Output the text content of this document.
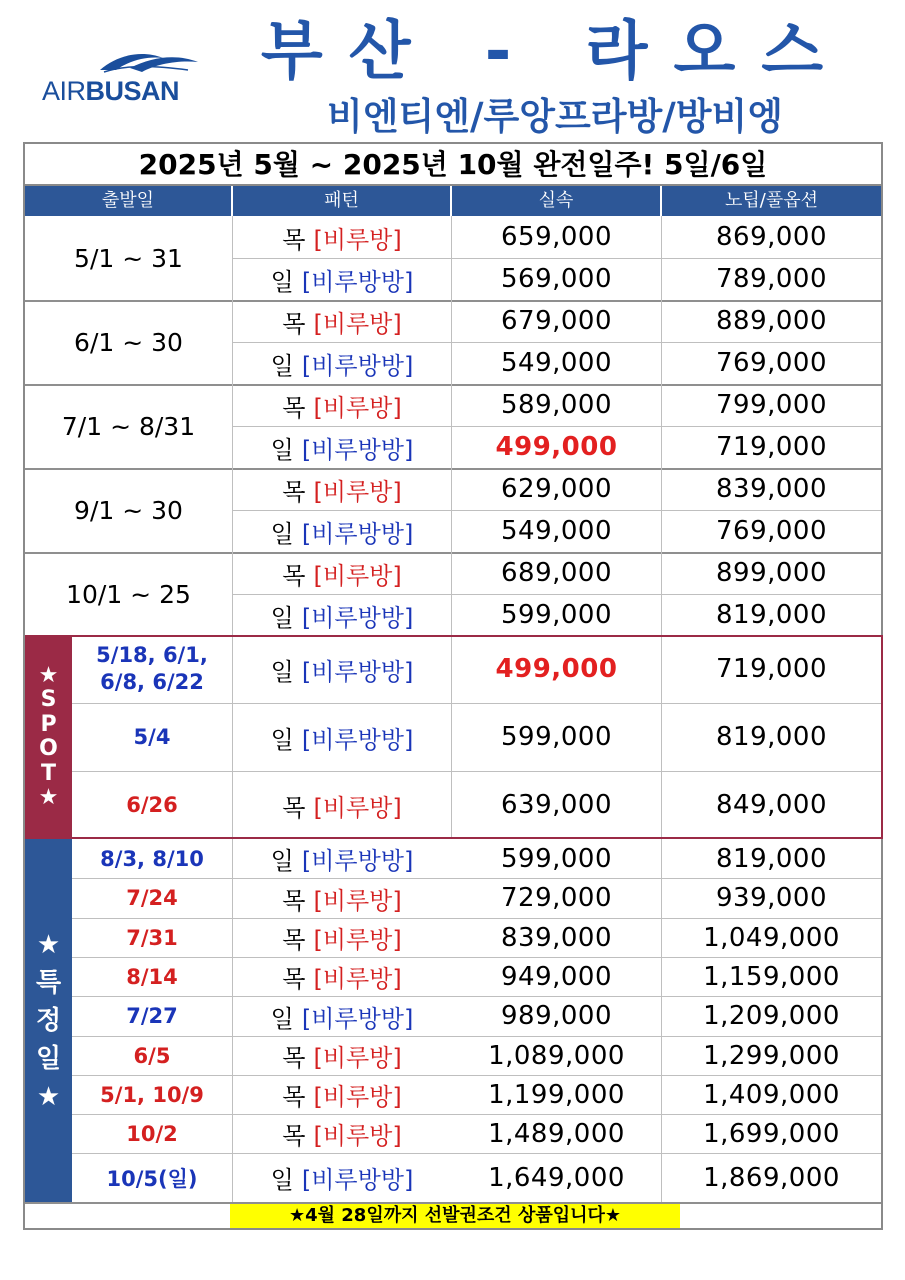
AIRBUSAN
부산 - 라오스
비엔티엔/루앙프라방/방비엥
2025년 5월 ~ 2025년 10월 완전일주! 5일/6일
출발일	패턴	실속	노팁/풀옵션
5/1 ~ 31
목 [비루방]	659,000	869,000
일 [비루방방]	569,000	789,000
6/1 ~ 30
목 [비루방]	679,000	889,000
일 [비루방방]	549,000	769,000
7/1 ~ 8/31
목 [비루방]	589,000	799,000
일 [비루방방]	499,000	719,000
9/1 ~ 30
목 [비루방]	629,000	839,000
일 [비루방방]	549,000	769,000
10/1 ~ 25
목 [비루방]	689,000	899,000
일 [비루방방]	599,000	819,000
★
S
P
O
T
★
5/18, 6/1,
6/8, 6/22	일 [비루방방]	499,000	719,000
5/4	일 [비루방방]	599,000	819,000
6/26	목 [비루방]	639,000	849,000
★
특
정
일
★
8/3, 8/10	일 [비루방방]	599,000	819,000
7/24	목 [비루방]	729,000	939,000
7/31	목 [비루방]	839,000	1,049,000
8/14	목 [비루방]	949,000	1,159,000
7/27	일 [비루방방]	989,000	1,209,000
6/5	목 [비루방]	1,089,000	1,299,000
5/1, 10/9	목 [비루방]	1,199,000	1,409,000
10/2	목 [비루방]	1,489,000	1,699,000
10/5(일)	일 [비루방방]	1,649,000	1,869,000
★4월 28일까지 선발권조건 상품입니다★
